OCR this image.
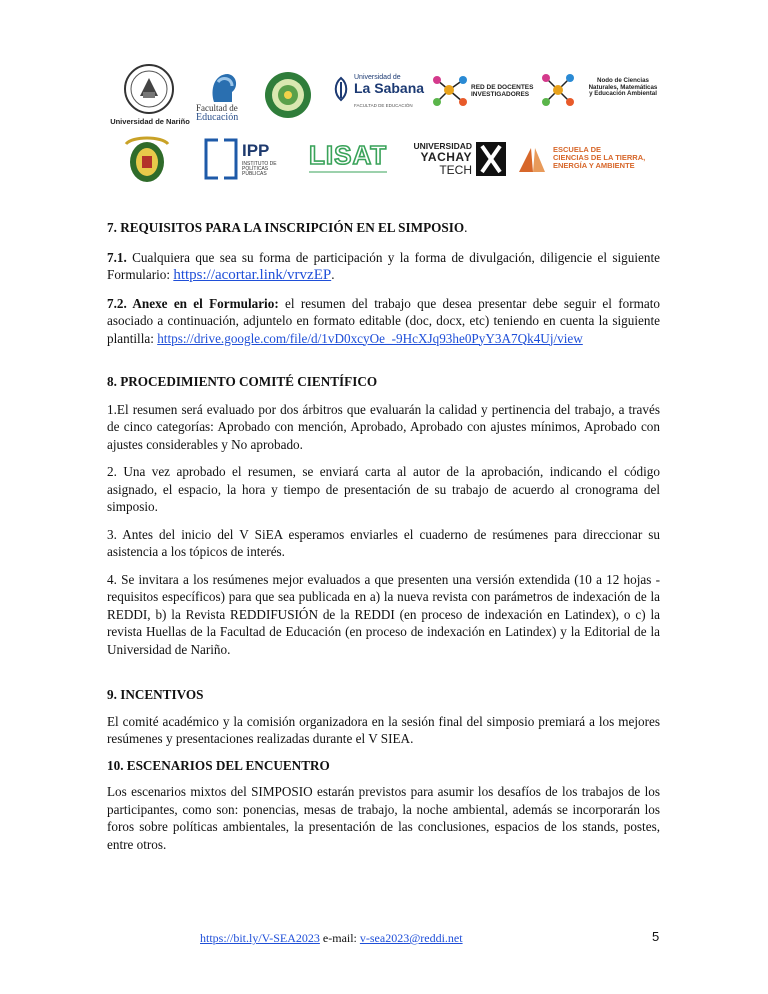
Universidad de Nariño
Facultad de
Educación
Universidad de
La Sabana
FACULTAD DE EDUCACIÓN
RED DE DOCENTES
INVESTIGADORES
Nodo de Ciencias
Naturales, Matemáticas
y Educación Ambiental
IPP
INSTITUTO DE
POLÍTICAS PÚBLICAS
LISAT	UNIVERSIDAD
YACHAY
TECH
ESCUELA DE
CIENCIAS DE LA TIERRA,
ENERGÍA Y AMBIENTE

7. REQUISITOS PARA LA INSCRIPCIÓN EN EL SIMPOSIO.

7.1. Cualquiera que sea su forma de participación y la forma de divulgación, diligencie el siguiente Formulario: https://acortar.link/vrvzEP.

7.2. Anexe en el Formulario: el resumen del trabajo que desea presentar debe seguir el formato asociado a continuación, adjuntelo en formato editable (doc, docx, etc) teniendo en cuenta la siguiente plantilla: https://drive.google.com/file/d/1vD0xcyOe_-9HcXJq93he0PyY3A7Qk4Uj/view

8. PROCEDIMIENTO COMITÉ CIENTÍFICO

1.El resumen será evaluado por dos árbitros que evaluarán la calidad y pertinencia del trabajo, a través de cinco categorías: Aprobado con mención, Aprobado, Aprobado con ajustes mínimos, Aprobado con ajustes considerables y No aprobado.

2. Una vez aprobado el resumen, se enviará carta al autor de la aprobación, indicando el código asignado, el espacio, la hora y tiempo de presentación de su trabajo de acuerdo al cronograma del simposio.

3. Antes del inicio del V SiEA esperamos enviarles el cuaderno de resúmenes para direccionar su asistencia a los tópicos de interés.

4. Se invitara a los resúmenes mejor evaluados a que presenten una versión extendida (10 a 12 hojas - requisitos específicos) para que sea publicada en a) la nueva revista con parámetros de indexación de la REDDI, b) la Revista REDDIFUSIÓN de la REDDI (en proceso de indexación en Latindex), o c) la revista Huellas de la Facultad de Educación (en proceso de indexación en Latindex) y la Editorial de la Universidad de Nariño.

9. INCENTIVOS

El comité académico y la comisión organizadora en la sesión final del simposio premiará a los mejores resúmenes y presentaciones realizadas durante el V SIEA.

10. ESCENARIOS DEL ENCUENTRO

Los escenarios mixtos del SIMPOSIO estarán previstos para asumir los desafíos de los trabajos de los participantes, como son: ponencias, mesas de trabajo, la noche ambiental, además se incorporarán los foros sobre políticas ambientales, la presentación de las conclusiones, espacios de los stands, postes, entre otros.

https://bit.ly/V-SEA2023 e-mail: v-sea2023@reddi.net	5
